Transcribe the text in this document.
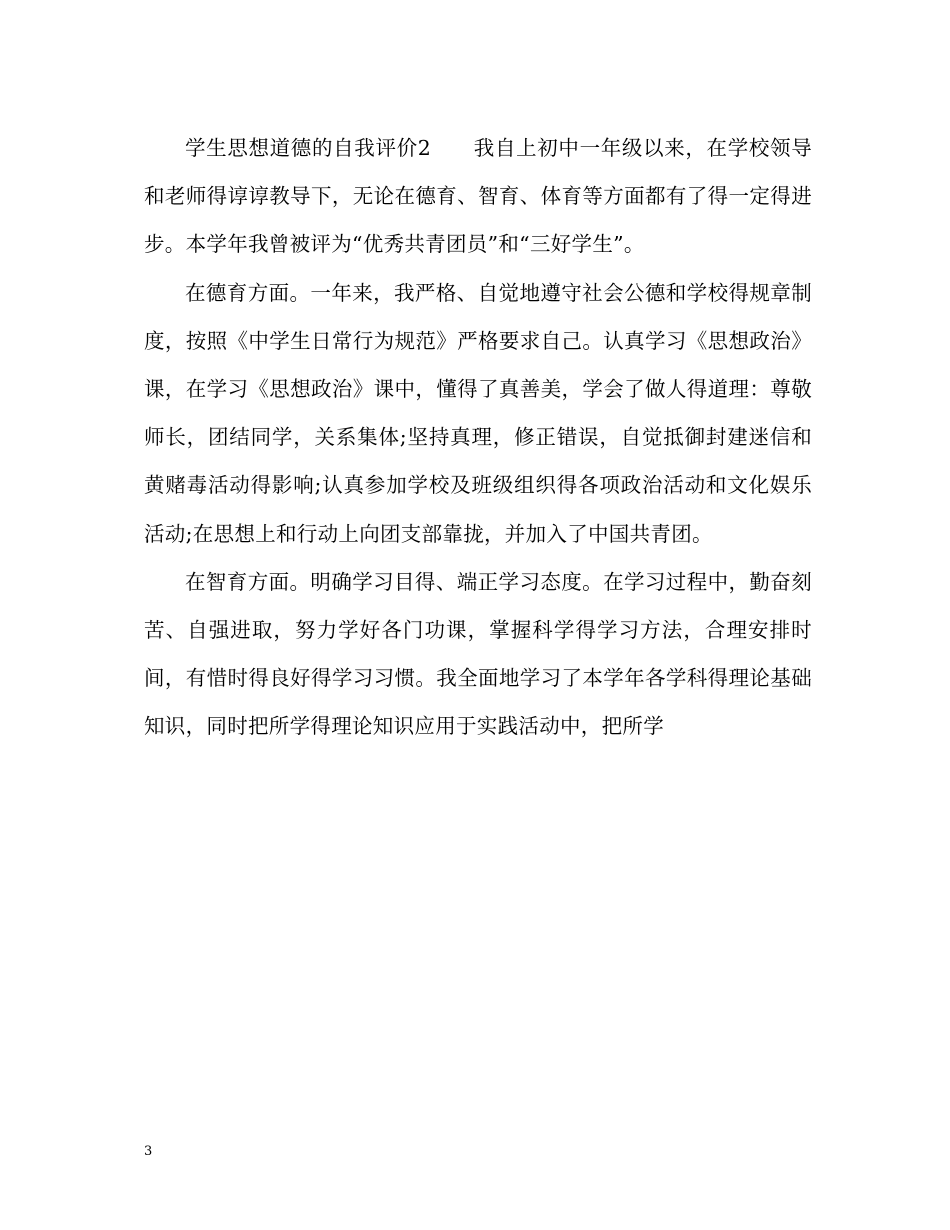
学生思想道德的自我评价2　　我自上初中一年级以来，在学校领导和老师得谆谆教导下，无论在德育、智育、体育等方面都有了得一定得进步。本学年我曾被评为“优秀共青团员”和“三好学生”。

在德育方面。一年来，我严格、自觉地遵守社会公德和学校得规章制度，按照《中学生日常行为规范》严格要求自己。认真学习《思想政治》课，在学习《思想政治》课中，懂得了真善美，学会了做人得道理：尊敬师长，团结同学，关系集体;坚持真理，修正错误，自觉抵御封建迷信和黄赌毒活动得影响;认真参加学校及班级组织得各项政治活动和文化娱乐活动;在思想上和行动上向团支部靠拢，并加入了中国共青团。

在智育方面。明确学习目得、端正学习态度。在学习过程中，勤奋刻苦、自强进取，努力学好各门功课，掌握科学得学习方法，合理安排时间，有惜时得良好得学习习惯。我全面地学习了本学年各学科得理论基础知识，同时把所学得理论知识应用于实践活动中，把所学

3
